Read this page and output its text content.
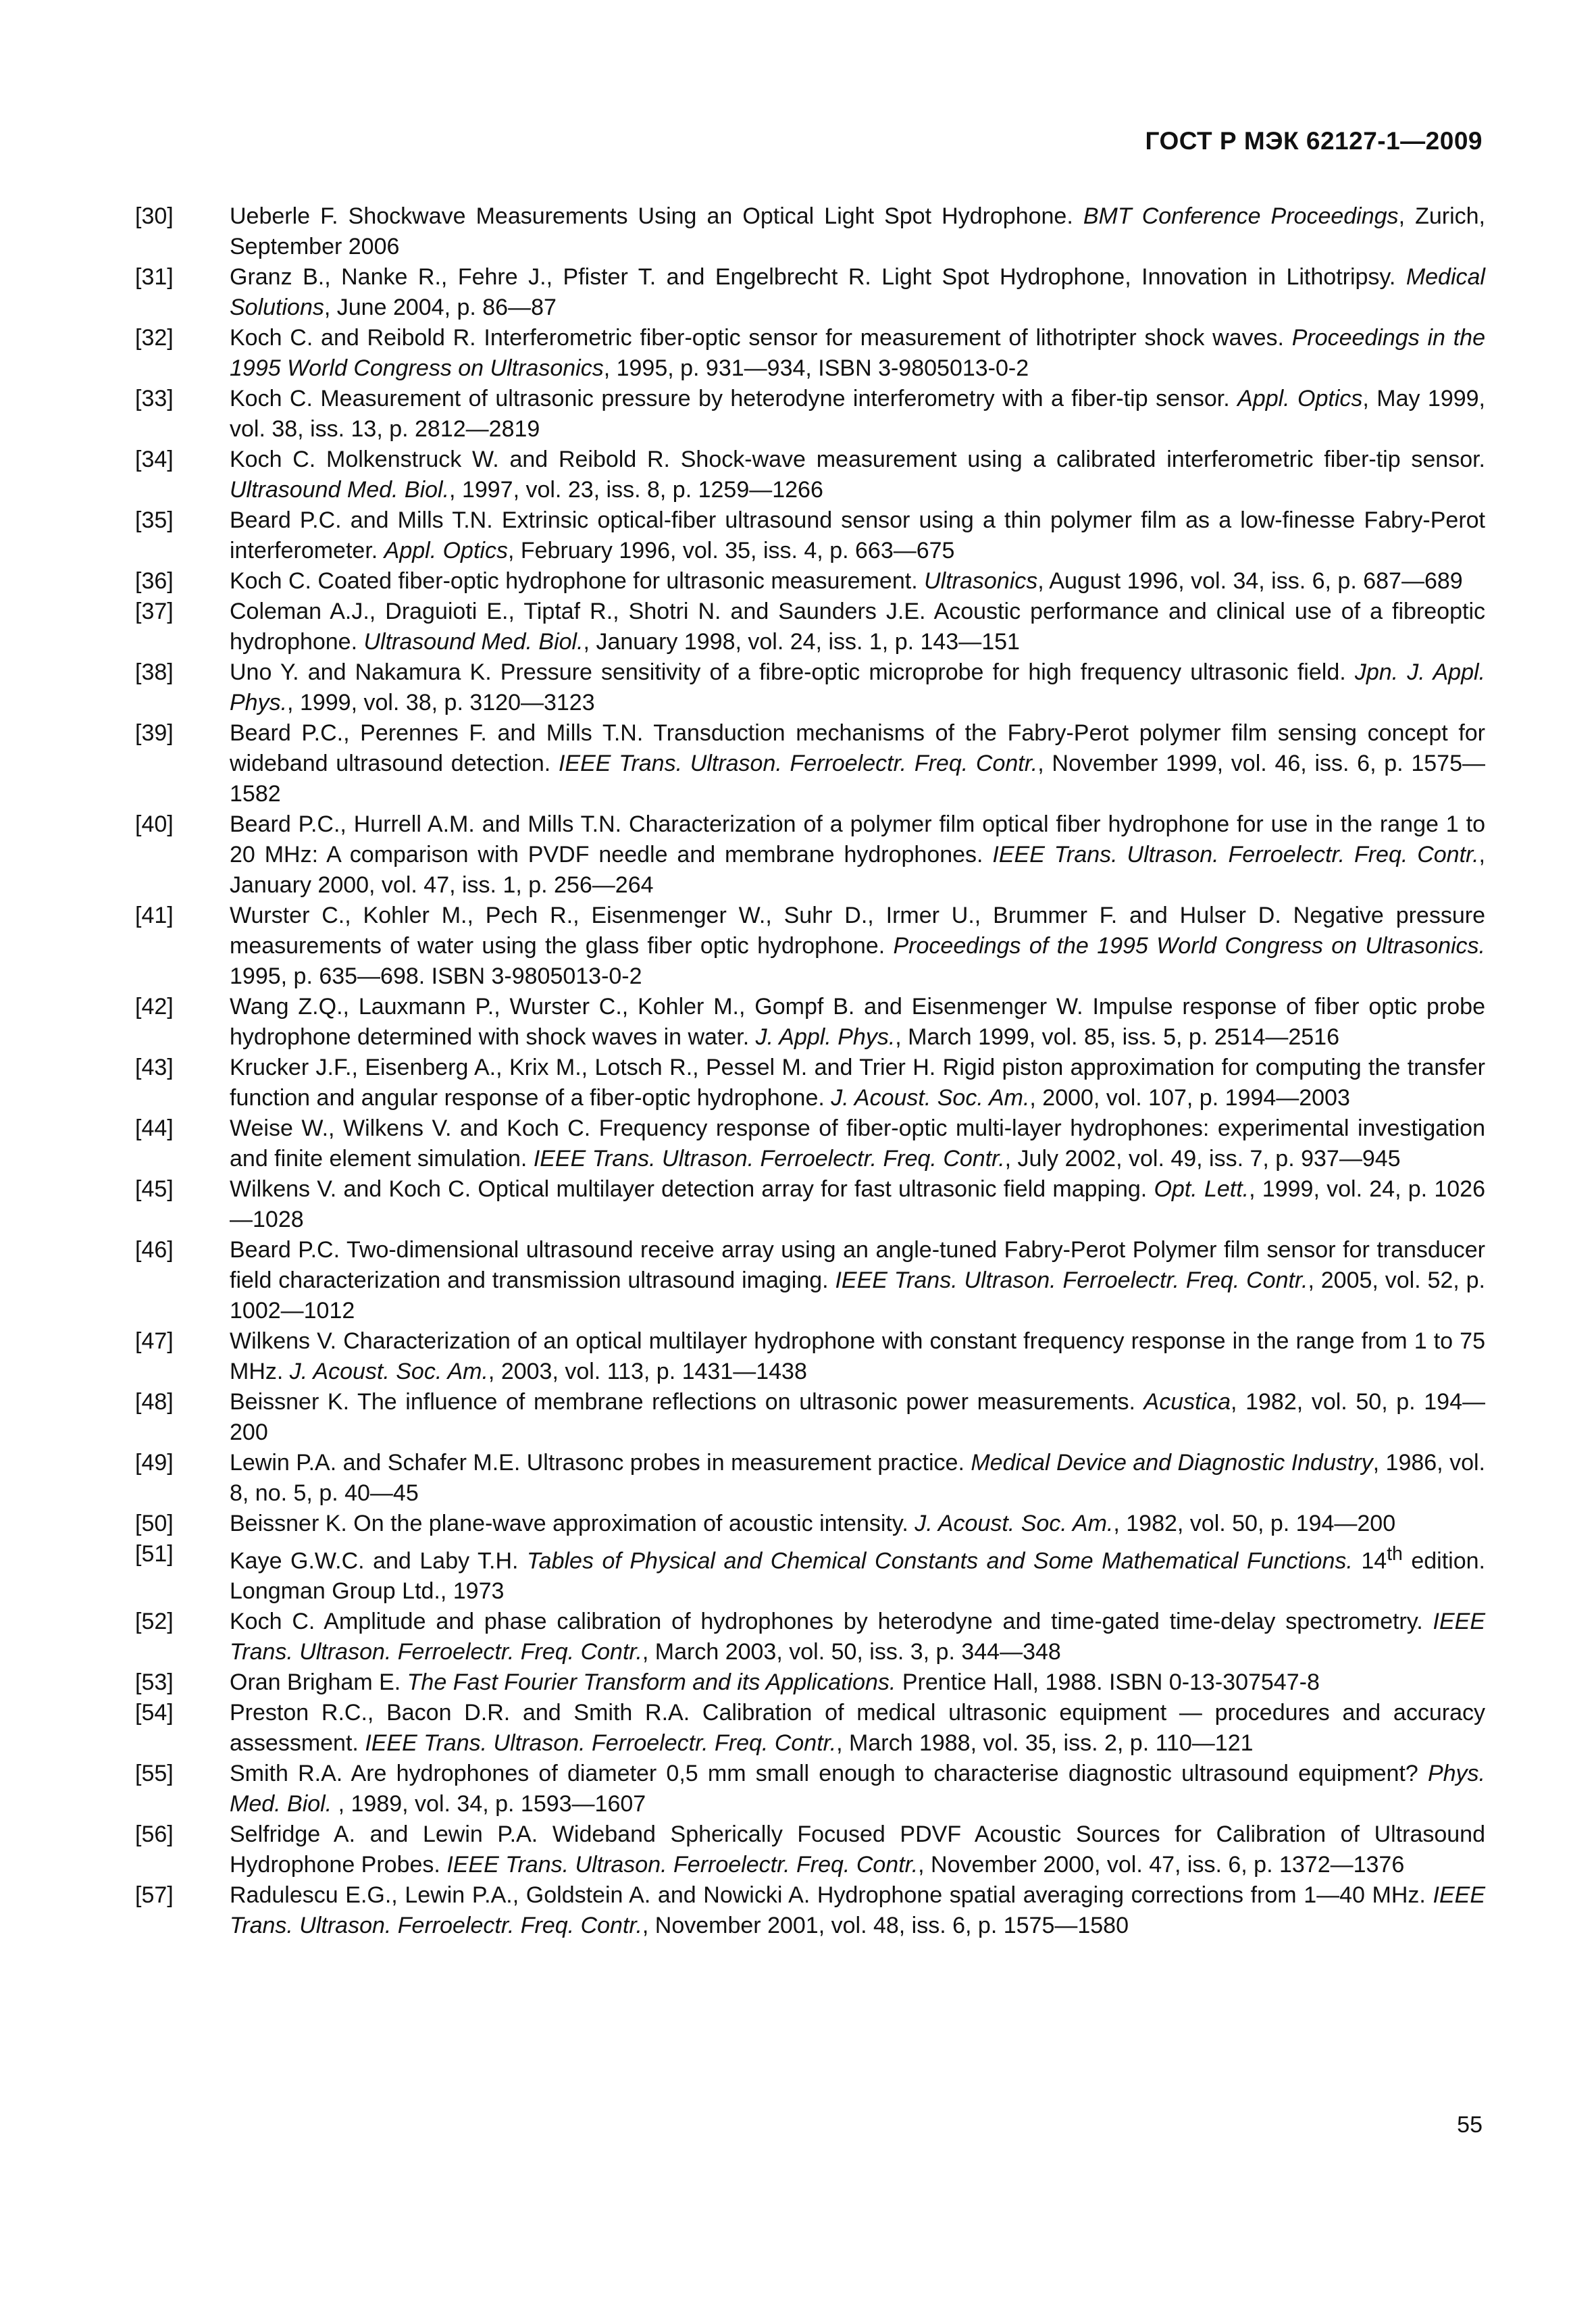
ГОСТ Р МЭК 62127-1—2009
[30]	Ueberle F. Shockwave Measurements Using an Optical Light Spot Hydrophone. BMT Conference Proceedings, Zurich, September 2006
[31]	Granz B., Nanke R., Fehre J., Pfister T. and Engelbrecht R. Light Spot Hydrophone, Innovation in Lithotripsy. Medical Solutions, June 2004, p. 86—87
[32]	Koch C. and Reibold R. Interferometric fiber-optic sensor for measurement of lithotripter shock waves. Proceedings in the 1995 World Congress on Ultrasonics, 1995, p. 931—934, ISBN 3-9805013-0-2
[33]	Koch C. Measurement of ultrasonic pressure by heterodyne interferometry with a fiber-tip sensor. Appl. Optics, May 1999, vol. 38, iss. 13, p. 2812—2819
[34]	Koch C. Molkenstruck W. and Reibold R. Shock-wave measurement using a calibrated interferometric fiber-tip sensor. Ultrasound Med. Biol., 1997, vol. 23, iss. 8, p. 1259—1266
[35]	Beard P.C. and Mills T.N. Extrinsic optical-fiber ultrasound sensor using a thin polymer film as a low-finesse Fabry-Perot interferometer. Appl. Optics, February 1996, vol. 35, iss. 4, p. 663—675
[36]	Koch C. Coated fiber-optic hydrophone for ultrasonic measurement. Ultrasonics, August 1996, vol. 34, iss. 6, p. 687—689
[37]	Coleman A.J., Draguioti E., Tiptaf R., Shotri N. and Saunders J.E. Acoustic performance and clinical use of a fibreoptic hydrophone. Ultrasound Med. Biol., January 1998, vol. 24, iss. 1, p. 143—151
[38]	Uno Y. and Nakamura K. Pressure sensitivity of a fibre-optic microprobe for high frequency ultrasonic field. Jpn. J. Appl. Phys., 1999, vol. 38, p. 3120—3123
[39]	Beard P.C., Perennes F. and Mills T.N. Transduction mechanisms of the Fabry-Perot polymer film sensing concept for wideband ultrasound detection. IEEE Trans. Ultrason. Ferroelectr. Freq. Contr., November 1999, vol. 46, iss. 6, p. 1575—1582
[40]	Beard P.C., Hurrell A.M. and Mills T.N. Characterization of a polymer film optical fiber hydrophone for use in the range 1 to 20 MHz: A comparison with PVDF needle and membrane hydrophones. IEEE Trans. Ultrason. Ferroelectr. Freq. Contr., January 2000, vol. 47, iss. 1, p. 256—264
[41]	Wurster C., Kohler M., Pech R., Eisenmenger W., Suhr D., Irmer U., Brummer F. and Hulser D. Negative pressure measurements of water using the glass fiber optic hydrophone. Proceedings of the 1995 World Congress on Ultrasonics. 1995, p. 635—698. ISBN 3-9805013-0-2
[42]	Wang Z.Q., Lauxmann P., Wurster C., Kohler M., Gompf B. and Eisenmenger W. Impulse response of fiber optic probe hydrophone determined with shock waves in water. J. Appl. Phys., March 1999, vol. 85, iss. 5, p. 2514—2516
[43]	Krucker J.F., Eisenberg A., Krix M., Lotsch R., Pessel M. and Trier H. Rigid piston approximation for computing the transfer function and angular response of a fiber-optic hydrophone. J. Acoust. Soc. Am., 2000, vol. 107, p. 1994—2003
[44]	Weise W., Wilkens V. and Koch C. Frequency response of fiber-optic multi-layer hydrophones: experimental investigation and finite element simulation. IEEE Trans. Ultrason. Ferroelectr. Freq. Contr., July 2002, vol. 49, iss. 7, p. 937—945
[45]	Wilkens V. and Koch C. Optical multilayer detection array for fast ultrasonic field mapping. Opt. Lett., 1999, vol. 24, p. 1026—1028
[46]	Beard P.C. Two-dimensional ultrasound receive array using an angle-tuned Fabry-Perot Polymer film sensor for transducer field characterization and transmission ultrasound imaging. IEEE Trans. Ultrason. Ferroelectr. Freq. Contr., 2005, vol. 52, p. 1002—1012
[47]	Wilkens V. Characterization of an optical multilayer hydrophone with constant frequency response in the range from 1 to 75 MHz. J. Acoust. Soc. Am., 2003, vol. 113, p. 1431—1438
[48]	Beissner K. The influence of membrane reflections on ultrasonic power measurements. Acustica, 1982, vol. 50, p. 194—200
[49]	Lewin P.A. and Schafer M.E. Ultrasonc probes in measurement practice. Medical Device and Diagnostic Industry, 1986, vol. 8, no. 5, p. 40—45
[50]	Beissner K. On the plane-wave approximation of acoustic intensity. J. Acoust. Soc. Am., 1982, vol. 50, p. 194—200
[51]	Kaye G.W.C. and Laby T.H. Tables of Physical and Chemical Constants and Some Mathematical Functions. 14th edition. Longman Group Ltd., 1973
[52]	Koch C. Amplitude and phase calibration of hydrophones by heterodyne and time-gated time-delay spectrometry. IEEE Trans. Ultrason. Ferroelectr. Freq. Contr., March 2003, vol. 50, iss. 3, p. 344—348
[53]	Oran Brigham E. The Fast Fourier Transform and its Applications. Prentice Hall, 1988. ISBN 0-13-307547-8
[54]	Preston R.C., Bacon D.R. and Smith R.A. Calibration of medical ultrasonic equipment — procedures and accuracy assessment. IEEE Trans. Ultrason. Ferroelectr. Freq. Contr., March 1988, vol. 35, iss. 2, p. 110—121
[55]	Smith R.A. Are hydrophones of diameter 0,5 mm small enough to characterise diagnostic ultrasound equipment? Phys. Med. Biol. , 1989, vol. 34, p. 1593—1607
[56]	Selfridge A. and Lewin P.A. Wideband Spherically Focused PDVF Acoustic Sources for Calibration of Ultrasound Hydrophone Probes. IEEE Trans. Ultrason. Ferroelectr. Freq. Contr., November 2000, vol. 47, iss. 6, p. 1372—1376
[57]	Radulescu E.G., Lewin P.A., Goldstein A. and Nowicki A. Hydrophone spatial averaging corrections from 1—40 MHz. IEEE Trans. Ultrason. Ferroelectr. Freq. Contr., November 2001, vol. 48, iss. 6, p. 1575—1580
55
